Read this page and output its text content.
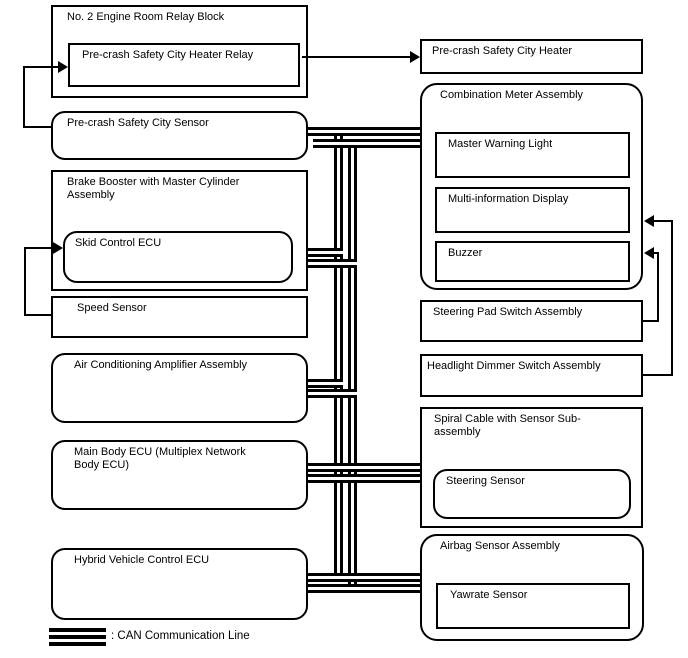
No. 2 Engine Room Relay Block
Pre-crash Safety City Heater Relay
Pre-crash Safety City Sensor
Brake Booster with Master Cylinder Assembly
Skid Control ECU
Speed Sensor
Air Conditioning Amplifier Assembly
Main Body ECU (Multiplex Network Body ECU)
Hybrid Vehicle Control ECU
Pre-crash Safety City Heater
Combination Meter Assembly
Master Warning Light
Multi-information Display
Buzzer
Steering Pad Switch Assembly
Headlight Dimmer Switch Assembly
Spiral Cable with Sensor Sub-assembly
Steering Sensor
Airbag Sensor Assembly
Yawrate Sensor
: CAN Communication Line
